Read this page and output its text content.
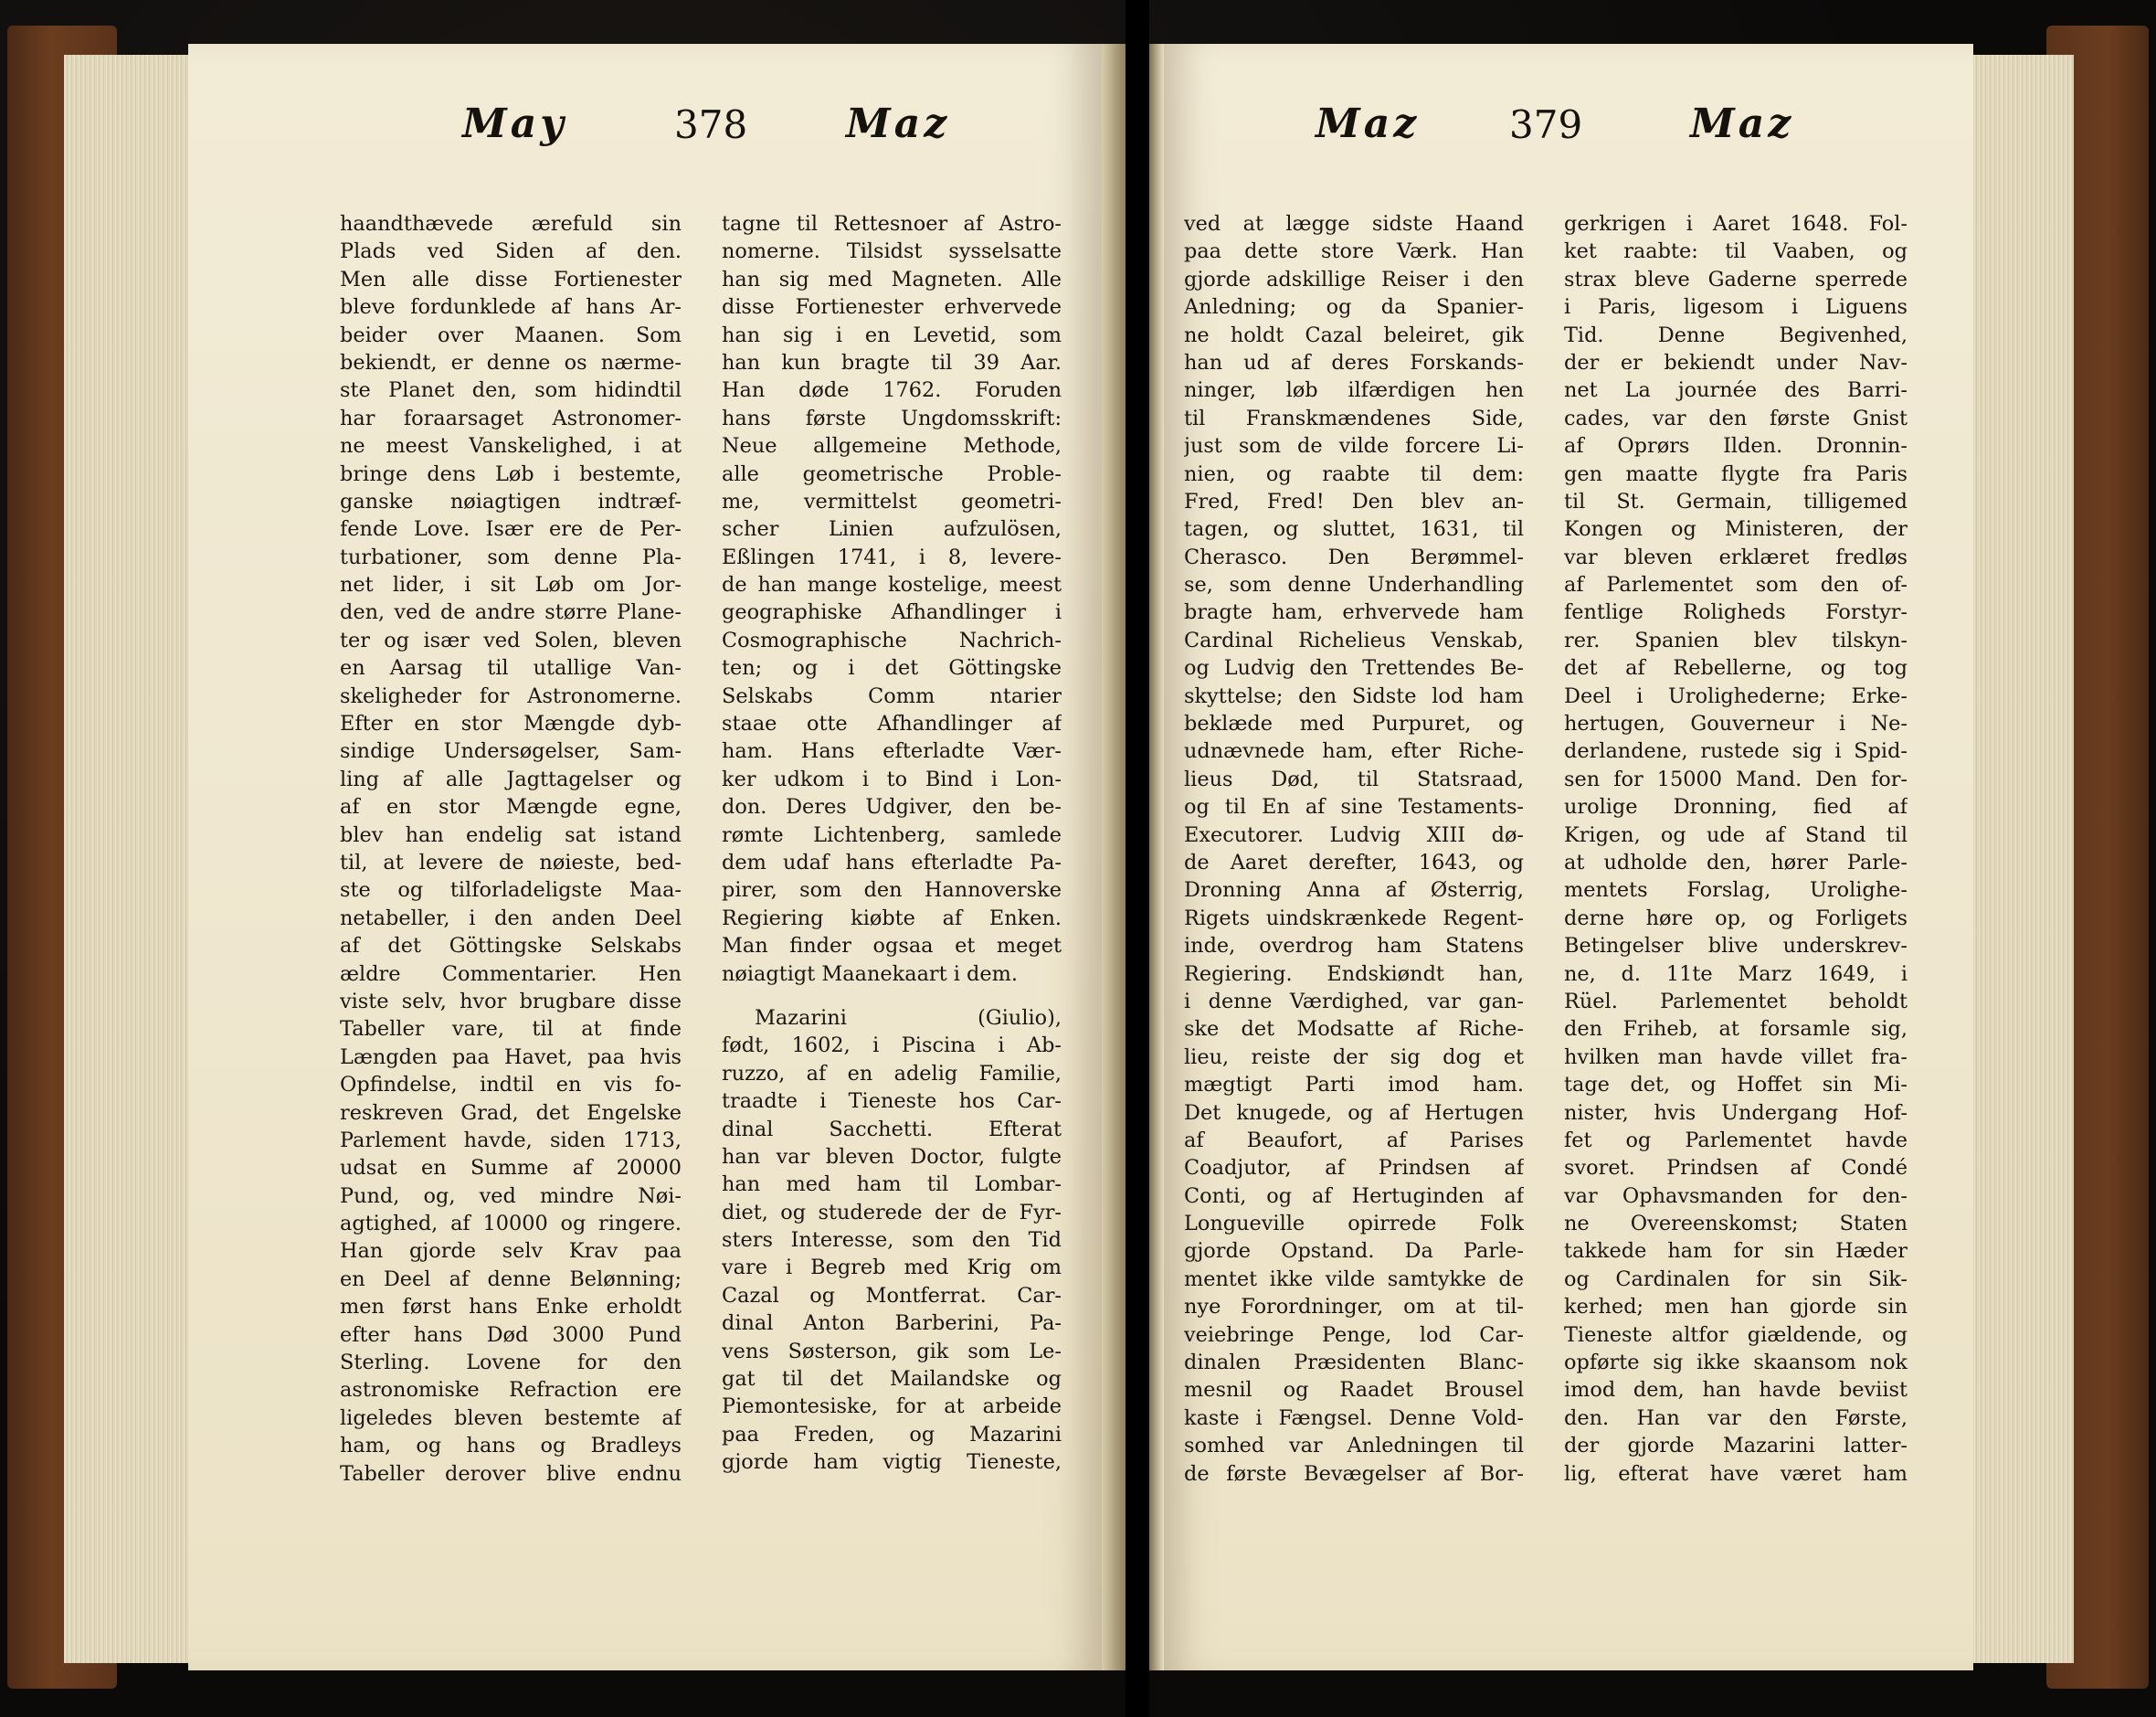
May	378 Maz	Maz 379	Maz
haandthævede ærefuld sin
Plads ved Siden af den.
Men alle disse Fortienester
bleve fordunklede af hans Ar-
beider over Maanen. Som
bekiendt, er denne os nærme-
ste Planet den, som hidindtil
har foraarsaget Astronomer-
ne meest Vanskelighed, i at
bringe dens Løb i bestemte,
ganske nøiagtigen indtræf-
fende Love. Især ere de Per-
turbationer, som denne Pla-
net lider, i sit Løb om Jor-
den, ved de andre større Plane-
ter og især ved Solen, bleven
en Aarsag til utallige Van-
skeligheder for Astronomerne.
Efter en stor Mængde dyb-
sindige Undersøgelser, Sam-
ling af alle Jagttagelser og
af en stor Mængde egne,
blev han endelig sat istand
til, at levere de nøieste, bed-
ste og tilforladeligste Maa-
netabeller, i den anden Deel
af det Göttingske Selskabs
ældre Commentarier. Hen
viste selv, hvor brugbare disse
Tabeller vare, til at finde
Længden paa Havet, paa hvis
Opfindelse, indtil en vis fo-
reskreven Grad, det Engelske
Parlement havde, siden 1713,
udsat en Summe af 20000
Pund, og, ved mindre Nøi-
agtighed, af 10000 og ringere.
Han gjorde selv Krav paa
en Deel af denne Belønning;
men først hans Enke erholdt
efter hans Død 3000 Pund
Sterling. Lovene for den
astronomiske Refraction ere
ligeledes bleven bestemte af
ham, og hans og Bradleys
Tabeller derover blive endnu
tagne til Rettesnoer af Astro-
nomerne. Tilsidst sysselsatte
han sig med Magneten. Alle
disse Fortienester erhvervede
han sig i en Levetid, som
han kun bragte til 39 Aar.
Han døde 1762. Foruden
hans første Ungdomsskrift:
Neue allgemeine Methode,
alle geometrische Proble-
me, vermittelst geometri-
scher Linien aufzulösen,
Eßlingen 1741, i 8, levere-
de han mange kostelige, meest
geographiske Afhandlinger i
Cosmographische Nachrich-
ten; og i det Göttingske
Selskabs Comm ntarier
staae otte Afhandlinger af
ham. Hans efterladte Vær-
ker udkom i to Bind i Lon-
don. Deres Udgiver, den be-
rømte Lichtenberg, samlede
dem udaf hans efterladte Pa-
pirer, som den Hannoverske
Regiering kiøbte af Enken.
Man finder ogsaa et meget
nøiagtigt Maanekaart i dem.
Mazarini (Giulio),
født, 1602, i Piscina i Ab-
ruzzo, af en adelig Familie,
traadte i Tieneste hos Car-
dinal Sacchetti. Efterat
han var bleven Doctor, fulgte
han med ham til Lombar-
diet, og studerede der de Fyr-
sters Interesse, som den Tid
vare i Begreb med Krig om
Cazal og Montferrat. Car-
dinal Anton Barberini, Pa-
vens Søsterson, gik som Le-
gat til det Mailandske og
Piemontesiske, for at arbeide
paa Freden, og Mazarini
gjorde ham vigtig Tieneste,
ved at lægge sidste Haand
paa dette store Værk. Han
gjorde adskillige Reiser i den
Anledning; og da Spanier-
ne holdt Cazal beleiret, gik
han ud af deres Forskands-
ninger, løb ilfærdigen hen
til Franskmændenes Side,
just som de vilde forcere Li-
nien, og raabte til dem:
Fred, Fred! Den blev an-
tagen, og sluttet, 1631, til
Cherasco. Den Berømmel-
se, som denne Underhandling
bragte ham, erhvervede ham
Cardinal Richelieus Venskab,
og Ludvig den Trettendes Be-
skyttelse; den Sidste lod ham
beklæde med Purpuret, og
udnævnede ham, efter Riche-
lieus Død, til Statsraad,
og til En af sine Testaments-
Executorer. Ludvig XIII dø-
de Aaret derefter, 1643, og
Dronning Anna af Østerrig,
Rigets uindskrænkede Regent-
inde, overdrog ham Statens
Regiering. Endskiøndt han,
i denne Værdighed, var gan-
ske det Modsatte af Riche-
lieu, reiste der sig dog et
mægtigt Parti imod ham.
Det knugede, og af Hertugen
af Beaufort, af Parises
Coadjutor, af Prindsen af
Conti, og af Hertuginden af
Longueville opirrede Folk
gjorde Opstand. Da Parle-
mentet ikke vilde samtykke de
nye Forordninger, om at til-
veiebringe Penge, lod Car-
dinalen Præsidenten Blanc-
mesnil og Raadet Brousel
kaste i Fængsel. Denne Vold-
somhed var Anledningen til
de første Bevægelser af Bor-
gerkrigen i Aaret 1648. Fol-
ket raabte: til Vaaben, og
strax bleve Gaderne sperrede
i Paris, ligesom i Liguens
Tid. Denne Begivenhed,
der er bekiendt under Nav-
net La journée des Barri-
cades, var den første Gnist
af Oprørs Ilden. Dronnin-
gen maatte flygte fra Paris
til St. Germain, tilligemed
Kongen og Ministeren, der
var bleven erklæret fredløs
af Parlementet som den of-
fentlige Roligheds Forstyr-
rer. Spanien blev tilskyn-
det af Rebellerne, og tog
Deel i Urolighederne; Erke-
hertugen, Gouverneur i Ne-
derlandene, rustede sig i Spid-
sen for 15000 Mand. Den for-
urolige Dronning, fied af
Krigen, og ude af Stand til
at udholde den, hører Parle-
mentets Forslag, Urolighe-
derne høre op, og Forligets
Betingelser blive underskrev-
ne, d. 11te Marz 1649, i
Rüel. Parlementet beholdt
den Friheb, at forsamle sig,
hvilken man havde villet fra-
tage det, og Hoffet sin Mi-
nister, hvis Undergang Hof-
fet og Parlementet havde
svoret. Prindsen af Condé
var Ophavsmanden for den-
ne Overeenskomst; Staten
takkede ham for sin Hæder
og Cardinalen for sin Sik-
kerhed; men han gjorde sin
Tieneste altfor giældende, og
opførte sig ikke skaansom nok
imod dem, han havde beviist
den. Han var den Første,
der gjorde Mazarini latter-
lig, efterat have været ham
